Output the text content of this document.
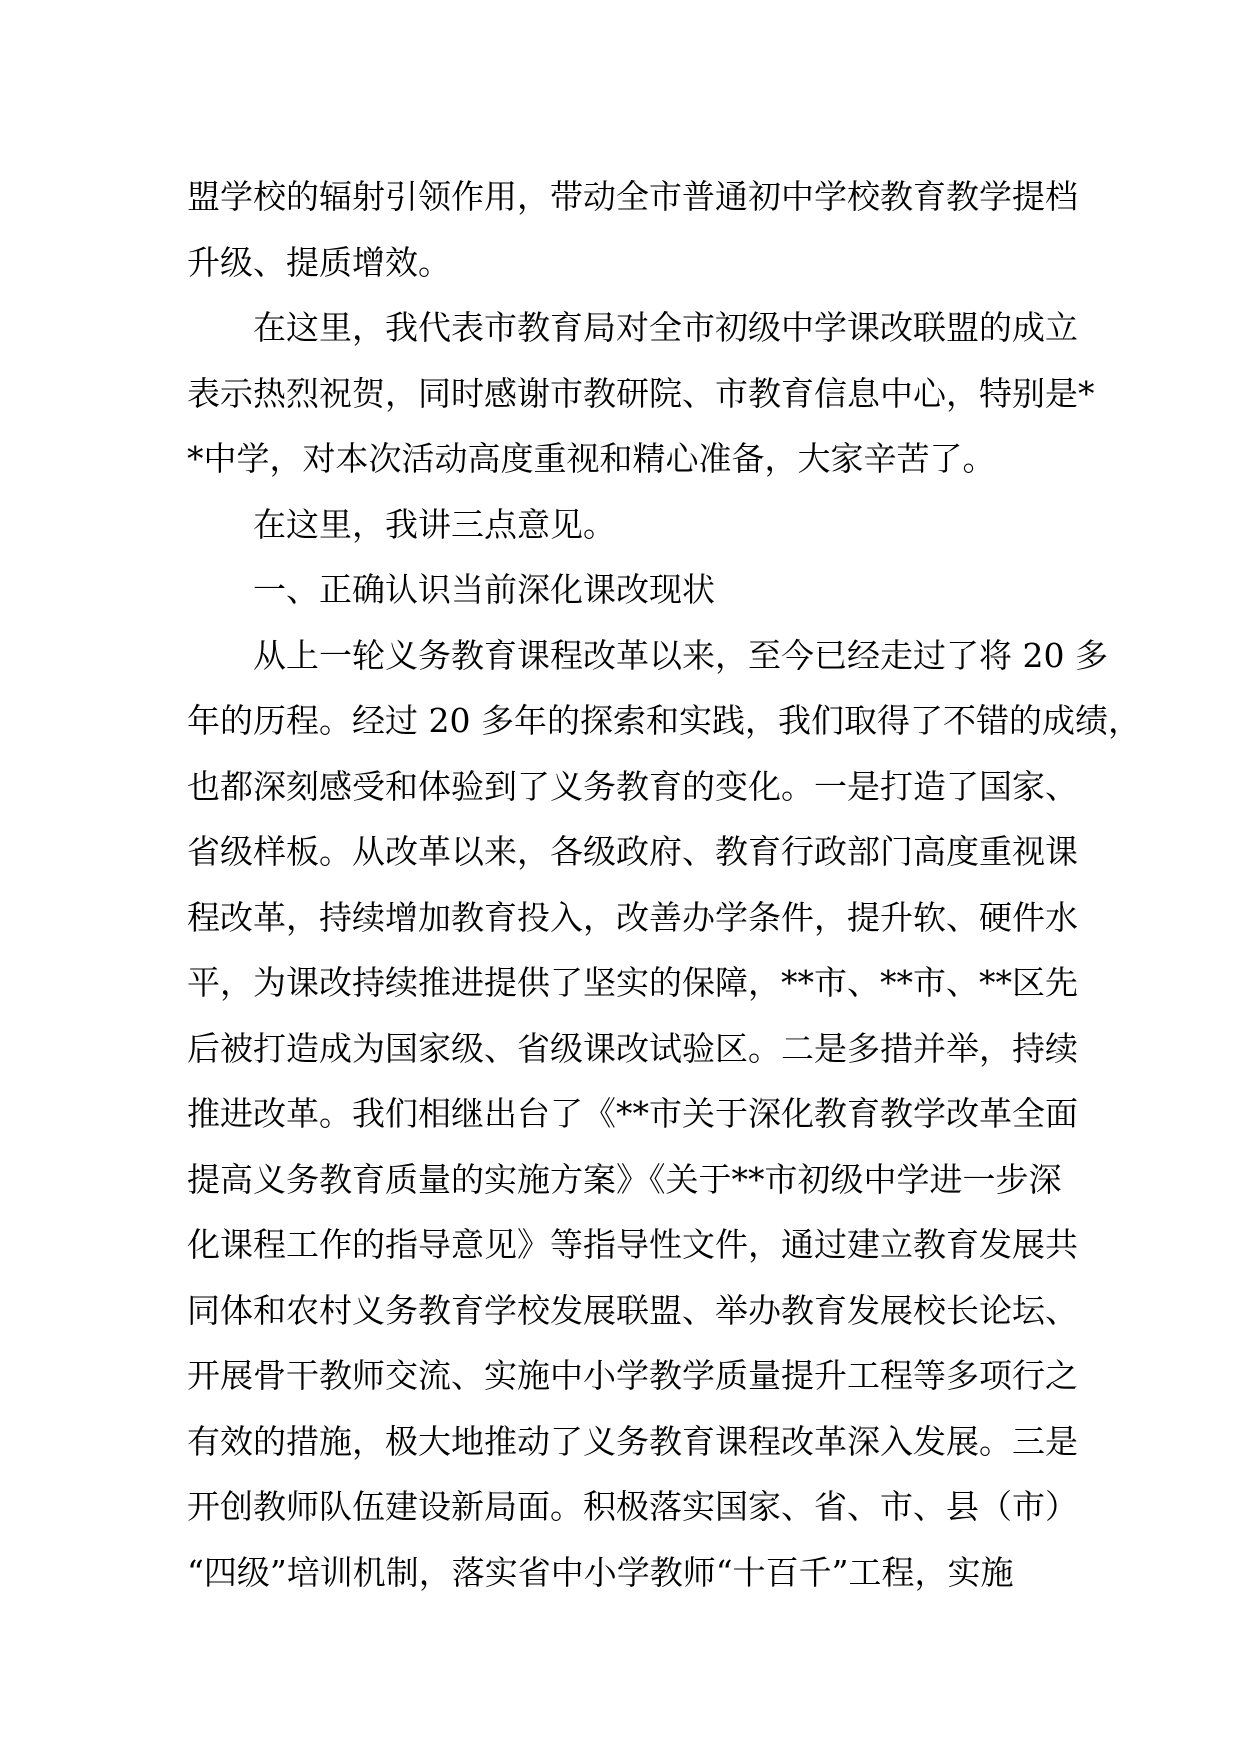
盟学校的辐射引领作用，带动全市普通初中学校教育教学提档
升级、提质增效。
在这里，我代表市教育局对全市初级中学课改联盟的成立
表示热烈祝贺，同时感谢市教研院、市教育信息中心，特别是*
*中学，对本次活动高度重视和精心准备，大家辛苦了。
在这里，我讲三点意见。
一、正确认识当前深化课改现状
从上一轮义务教育课程改革以来，至今已经走过了将 20 多
年的历程。经过 20 多年的探索和实践，我们取得了不错的成绩，
也都深刻感受和体验到了义务教育的变化。一是打造了国家、
省级样板。从改革以来，各级政府、教育行政部门高度重视课
程改革，持续增加教育投入，改善办学条件，提升软、硬件水
平，为课改持续推进提供了坚实的保障，**市、**市、**区先
后被打造成为国家级、省级课改试验区。二是多措并举，持续
推进改革。我们相继出台了《**市关于深化教育教学改革全面
提高义务教育质量的实施方案》《关于**市初级中学进一步深
化课程工作的指导意见》等指导性文件，通过建立教育发展共
同体和农村义务教育学校发展联盟、举办教育发展校长论坛、
开展骨干教师交流、实施中小学教学质量提升工程等多项行之
有效的措施，极大地推动了义务教育课程改革深入发展。三是
开创教师队伍建设新局面。积极落实国家、省、市、县（市）
“四级”培训机制，落实省中小学教师“十百千”工程，实施
